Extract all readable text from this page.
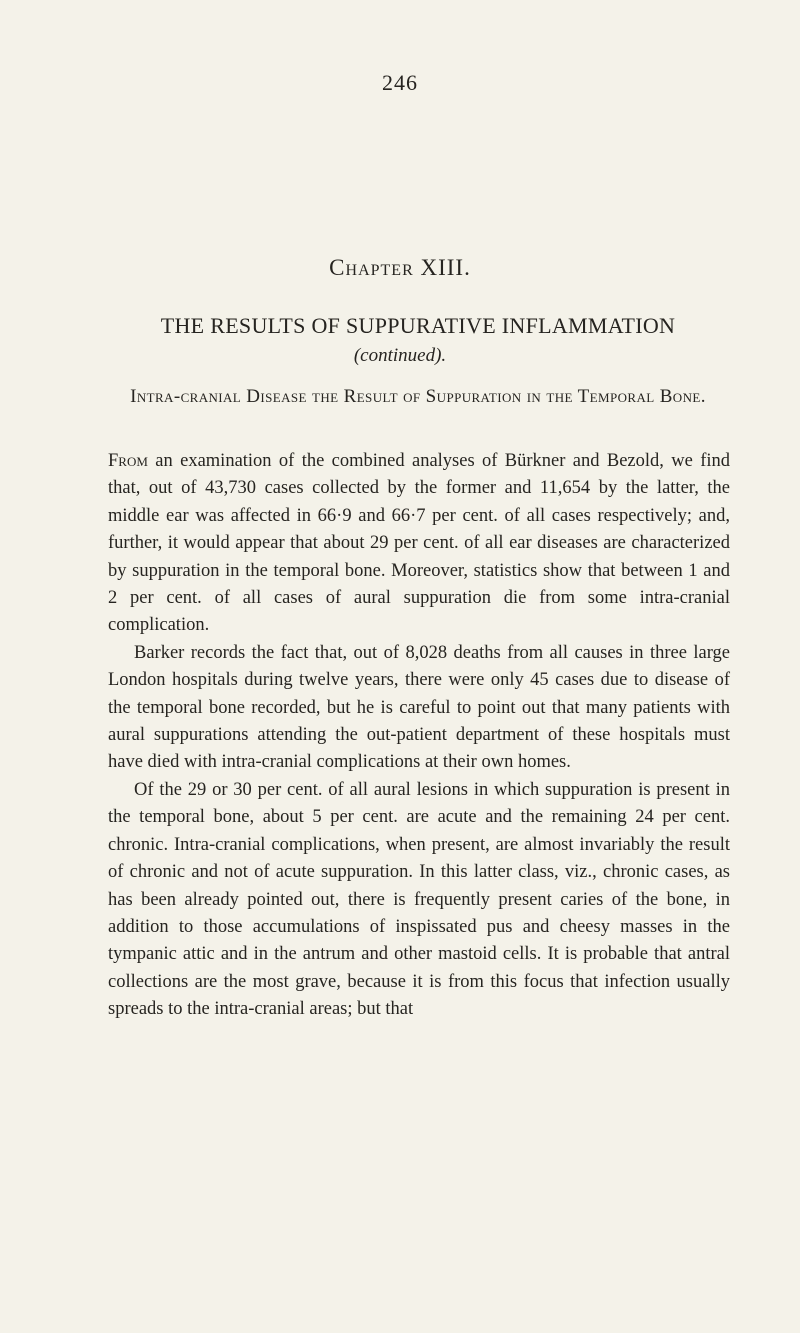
246
Chapter XIII.
THE RESULTS OF SUPPURATIVE INFLAMMATION
(continued).
Intra-cranial Disease the Result of Suppuration in the Temporal Bone.

From an examination of the combined analyses of Bürkner and Bezold, we find that, out of 43,730 cases collected by the former and 11,654 by the latter, the middle ear was affected in 66·9 and 66·7 per cent. of all cases respectively; and, further, it would appear that about 29 per cent. of all ear diseases are characterized by suppuration in the temporal bone. Moreover, statistics show that between 1 and 2 per cent. of all cases of aural suppuration die from some intra-cranial complication.

Barker records the fact that, out of 8,028 deaths from all causes in three large London hospitals during twelve years, there were only 45 cases due to disease of the temporal bone recorded, but he is careful to point out that many patients with aural suppurations attending the out-patient department of these hospitals must have died with intra-cranial complications at their own homes.

Of the 29 or 30 per cent. of all aural lesions in which suppuration is present in the temporal bone, about 5 per cent. are acute and the remaining 24 per cent. chronic. Intra-cranial complications, when present, are almost invariably the result of chronic and not of acute suppuration. In this latter class, viz., chronic cases, as has been already pointed out, there is frequently present caries of the bone, in addition to those accumulations of inspissated pus and cheesy masses in the tympanic attic and in the antrum and other mastoid cells. It is probable that antral collections are the most grave, because it is from this focus that infection usually spreads to the intra-cranial areas; but that
